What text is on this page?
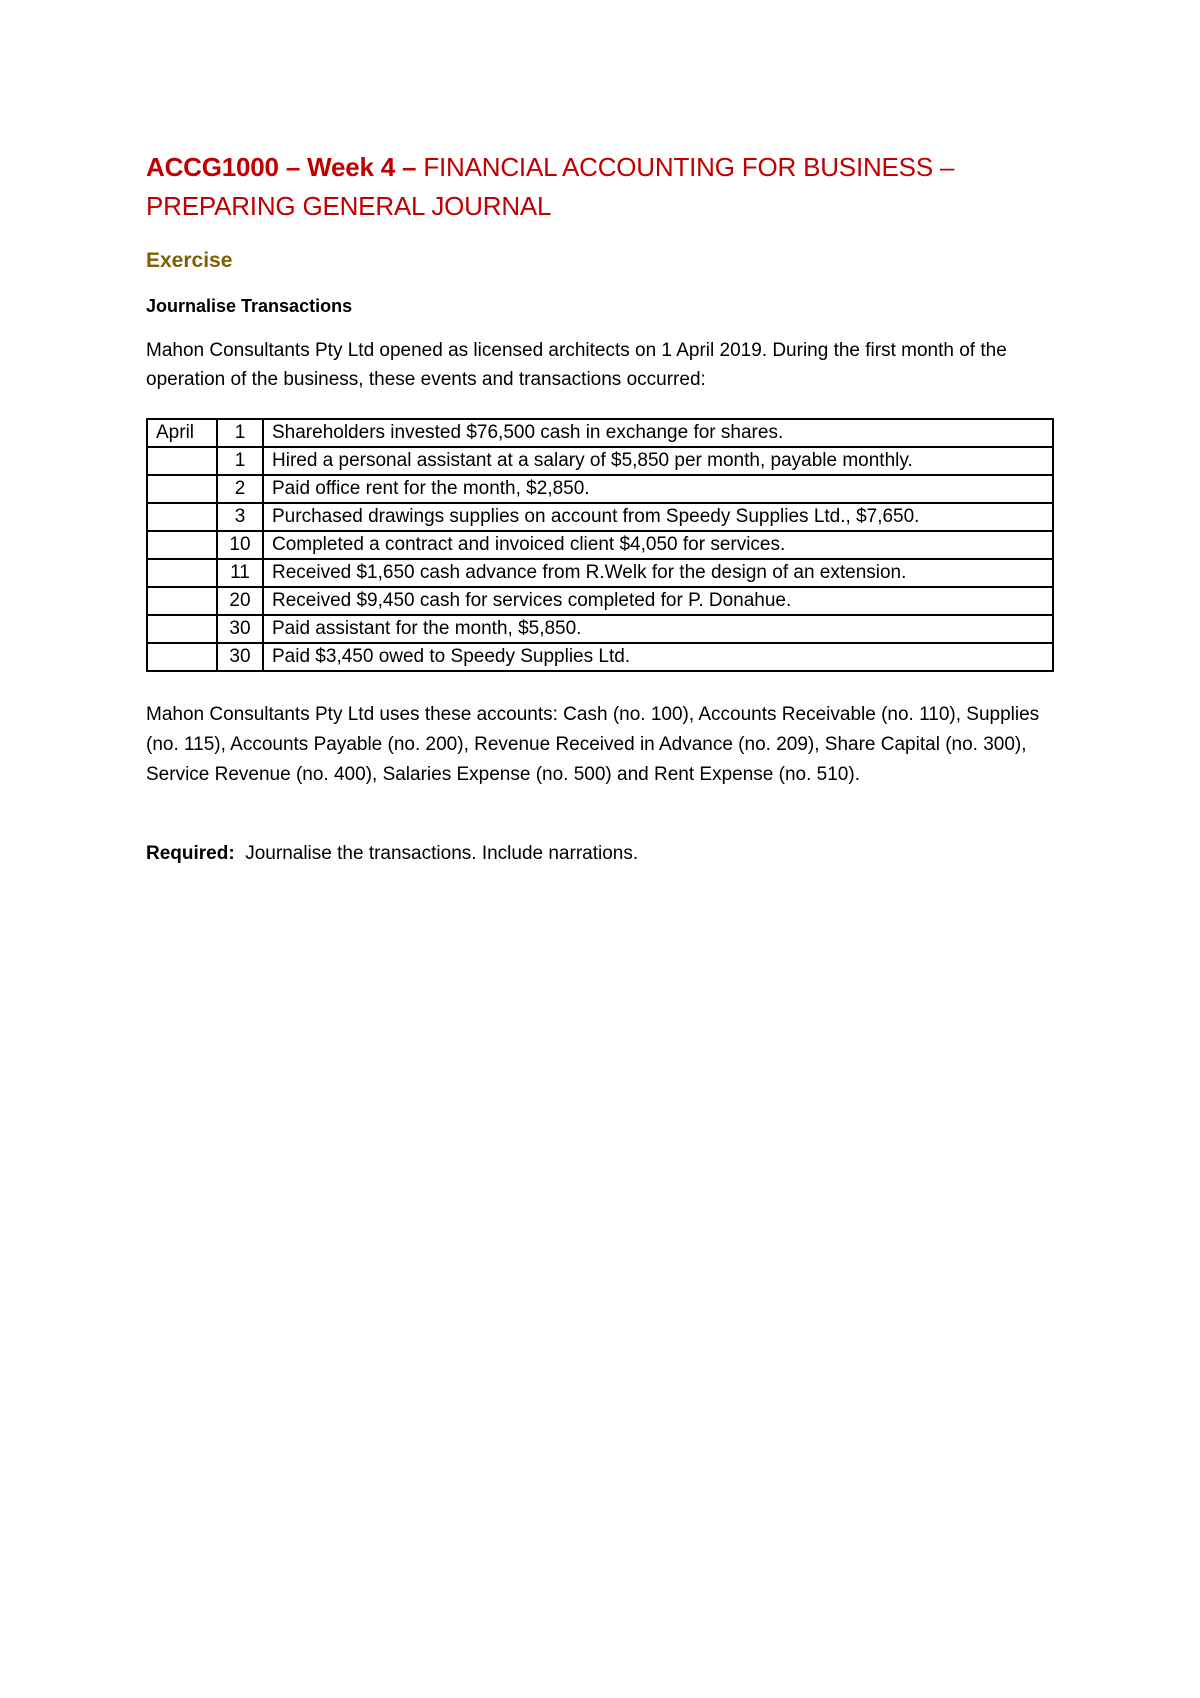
ACCG1000 – Week 4 – FINANCIAL ACCOUNTING FOR BUSINESS –
PREPARING GENERAL JOURNAL
Exercise
Journalise Transactions

Mahon Consultants Pty Ltd opened as licensed architects on 1 April 2019. During the first month of the operation of the business, these events and transactions occurred:

April	1	Shareholders invested $76,500 cash in exchange for shares.
	1	Hired a personal assistant at a salary of $5,850 per month, payable monthly.
	2	Paid office rent for the month, $2,850.
	3	Purchased drawings supplies on account from Speedy Supplies Ltd., $7,650.
	10	Completed a contract and invoiced client $4,050 for services.
	11	Received $1,650 cash advance from R.Welk for the design of an extension.
	20	Received $9,450 cash for services completed for P. Donahue.
	30	Paid assistant for the month, $5,850.
	30	Paid $3,450 owed to Speedy Supplies Ltd.

Mahon Consultants Pty Ltd uses these accounts: Cash (no. 100), Accounts Receivable (no. 110), Supplies (no. 115), Accounts Payable (no. 200), Revenue Received in Advance (no. 209), Share Capital (no. 300), Service Revenue (no. 400), Salaries Expense (no. 500) and Rent Expense (no. 510).

Required:  Journalise the transactions. Include narrations.
